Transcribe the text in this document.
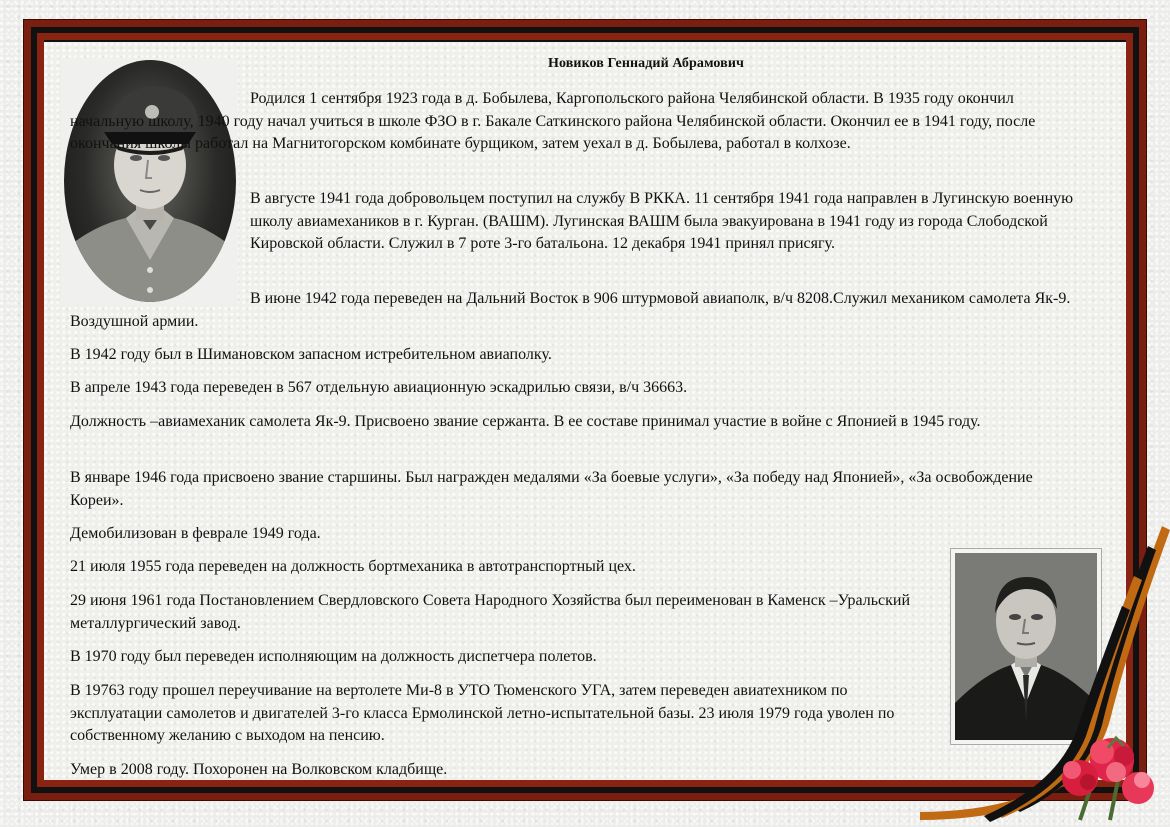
Новиков Геннадий Абрамович

Родился 1 сентября 1923 года в д. Бобылева, Каргопольского района Челябинской области. В 1935 году окончил начальную школу, 1940 году начал учиться в школе ФЗО в г. Бакале Саткинского района Челябинской области. Окончил ее в 1941 году, после окончания школы работал на Магнитогорском комбинате бурщиком, затем уехал в д. Бобылева, работал в колхозе.

В августе 1941 года добровольцем поступил на службу В РККА. 11 сентября 1941 года направлен в Лугинскую военную школу авиамехаников в г. Курган. (ВАШМ). Лугинская ВАШМ была эвакуирована в 1941 году из города Слободской Кировской области. Служил в 7 роте 3-го батальона. 12 декабря 1941 принял присягу.

В июне 1942 года переведен на Дальний Восток в 906 штурмовой авиаполк, в/ч 8208.Служил механиком самолета Як-9. Воздушной армии.

В 1942 году был в Шимановском запасном истребительном авиаполку.

В апреле 1943 года переведен в 567 отдельную авиационную эскадрилью связи, в/ч 36663.

Должность –авиамеханик самолета Як-9. Присвоено звание сержанта. В ее составе принимал участие в войне с Японией в 1945 году.

В январе 1946 года присвоено звание старшины. Был награжден медалями «За боевые услуги», «За победу над Японией», «За освобождение Кореи».

Демобилизован в феврале 1949 года.

21 июля 1955 года переведен на должность бортмеханика в автотранспортный цех.

29 июня 1961 года Постановлением Свердловского Совета Народного Хозяйства был переименован в Каменск –Уральский металлургический завод.

В 1970 году был переведен исполняющим на должность диспетчера полетов.

В 19763 году прошел переучивание на вертолете Ми-8 в УТО Тюменского УГА, затем переведен авиатехником по эксплуатации самолетов и двигателей 3-го класса Ермолинской летно-испытательной базы. 23 июля 1979 года уволен по собственному желанию с выходом на пенсию.

Умер в 2008 году. Похоронен на Волковском кладбище.
